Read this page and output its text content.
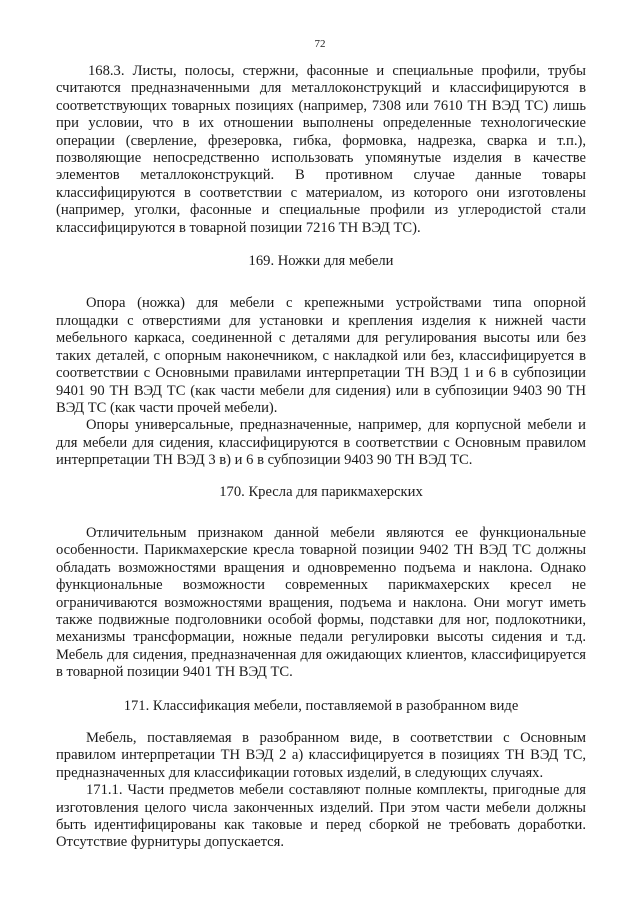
72

168.3. Листы, полосы, стержни, фасонные и специальные профили, трубы считаются предназначенными для металлоконструкций и классифицируются в соответствующих товарных позициях (например, 7308 или 7610 ТН ВЭД ТС) лишь при условии, что в их отношении выполнены определенные технологические операции (сверление, фрезеровка, гибка, формовка, надрезка, сварка и т.п.), позволяющие непосредственно использовать упомянутые изделия в качестве элементов металлоконструкций. В противном случае данные товары классифицируются в соответствии с материалом, из которого они изготовлены (например, уголки, фасонные и специальные профили из углеродистой стали классифицируются в товарной позиции 7216 ТН ВЭД ТС).

169. Ножки для мебели

Опора (ножка) для мебели с крепежными устройствами типа опорной площадки с отверстиями для установки и крепления изделия к нижней части мебельного каркаса, соединенной с деталями для регулирования высоты или без таких деталей, с опорным наконечником, с накладкой или без, классифицируется в соответствии с Основными правилами интерпретации ТН ВЭД 1 и 6 в субпозиции 9401 90 ТН ВЭД ТС (как части мебели для сидения) или в субпозиции 9403 90 ТН ВЭД ТС (как части прочей мебели).

Опоры универсальные, предназначенные, например, для корпусной мебели и для мебели для сидения, классифицируются в соответствии с Основным правилом интерпретации ТН ВЭД 3 в) и 6 в субпозиции 9403 90 ТН ВЭД ТС.

170. Кресла для парикмахерских

Отличительным признаком данной мебели являются ее функциональные особенности. Парикмахерские кресла товарной позиции 9402 ТН ВЭД ТС должны обладать возможностями вращения и одновременно подъема и наклона. Однако функциональные возможности современных парикмахерских кресел не ограничиваются возможностями вращения, подъема и наклона. Они могут иметь также подвижные подголовники особой формы, подставки для ног, подлокотники, механизмы трансформации, ножные педали регулировки высоты сидения и т.д. Мебель для сидения, предназначенная для ожидающих клиентов, классифицируется в товарной позиции 9401 ТН ВЭД ТС.

171. Классификация мебели, поставляемой в разобранном виде

Мебель, поставляемая в разобранном виде, в соответствии с Основным правилом интерпретации ТН ВЭД 2 а) классифицируется в позициях ТН ВЭД ТС, предназначенных для классификации готовых изделий, в следующих случаях.

171.1. Части предметов мебели составляют полные комплекты, пригодные для изготовления целого числа законченных изделий. При этом части мебели должны быть идентифицированы как таковые и перед сборкой не требовать доработки. Отсутствие фурнитуры допускается.
